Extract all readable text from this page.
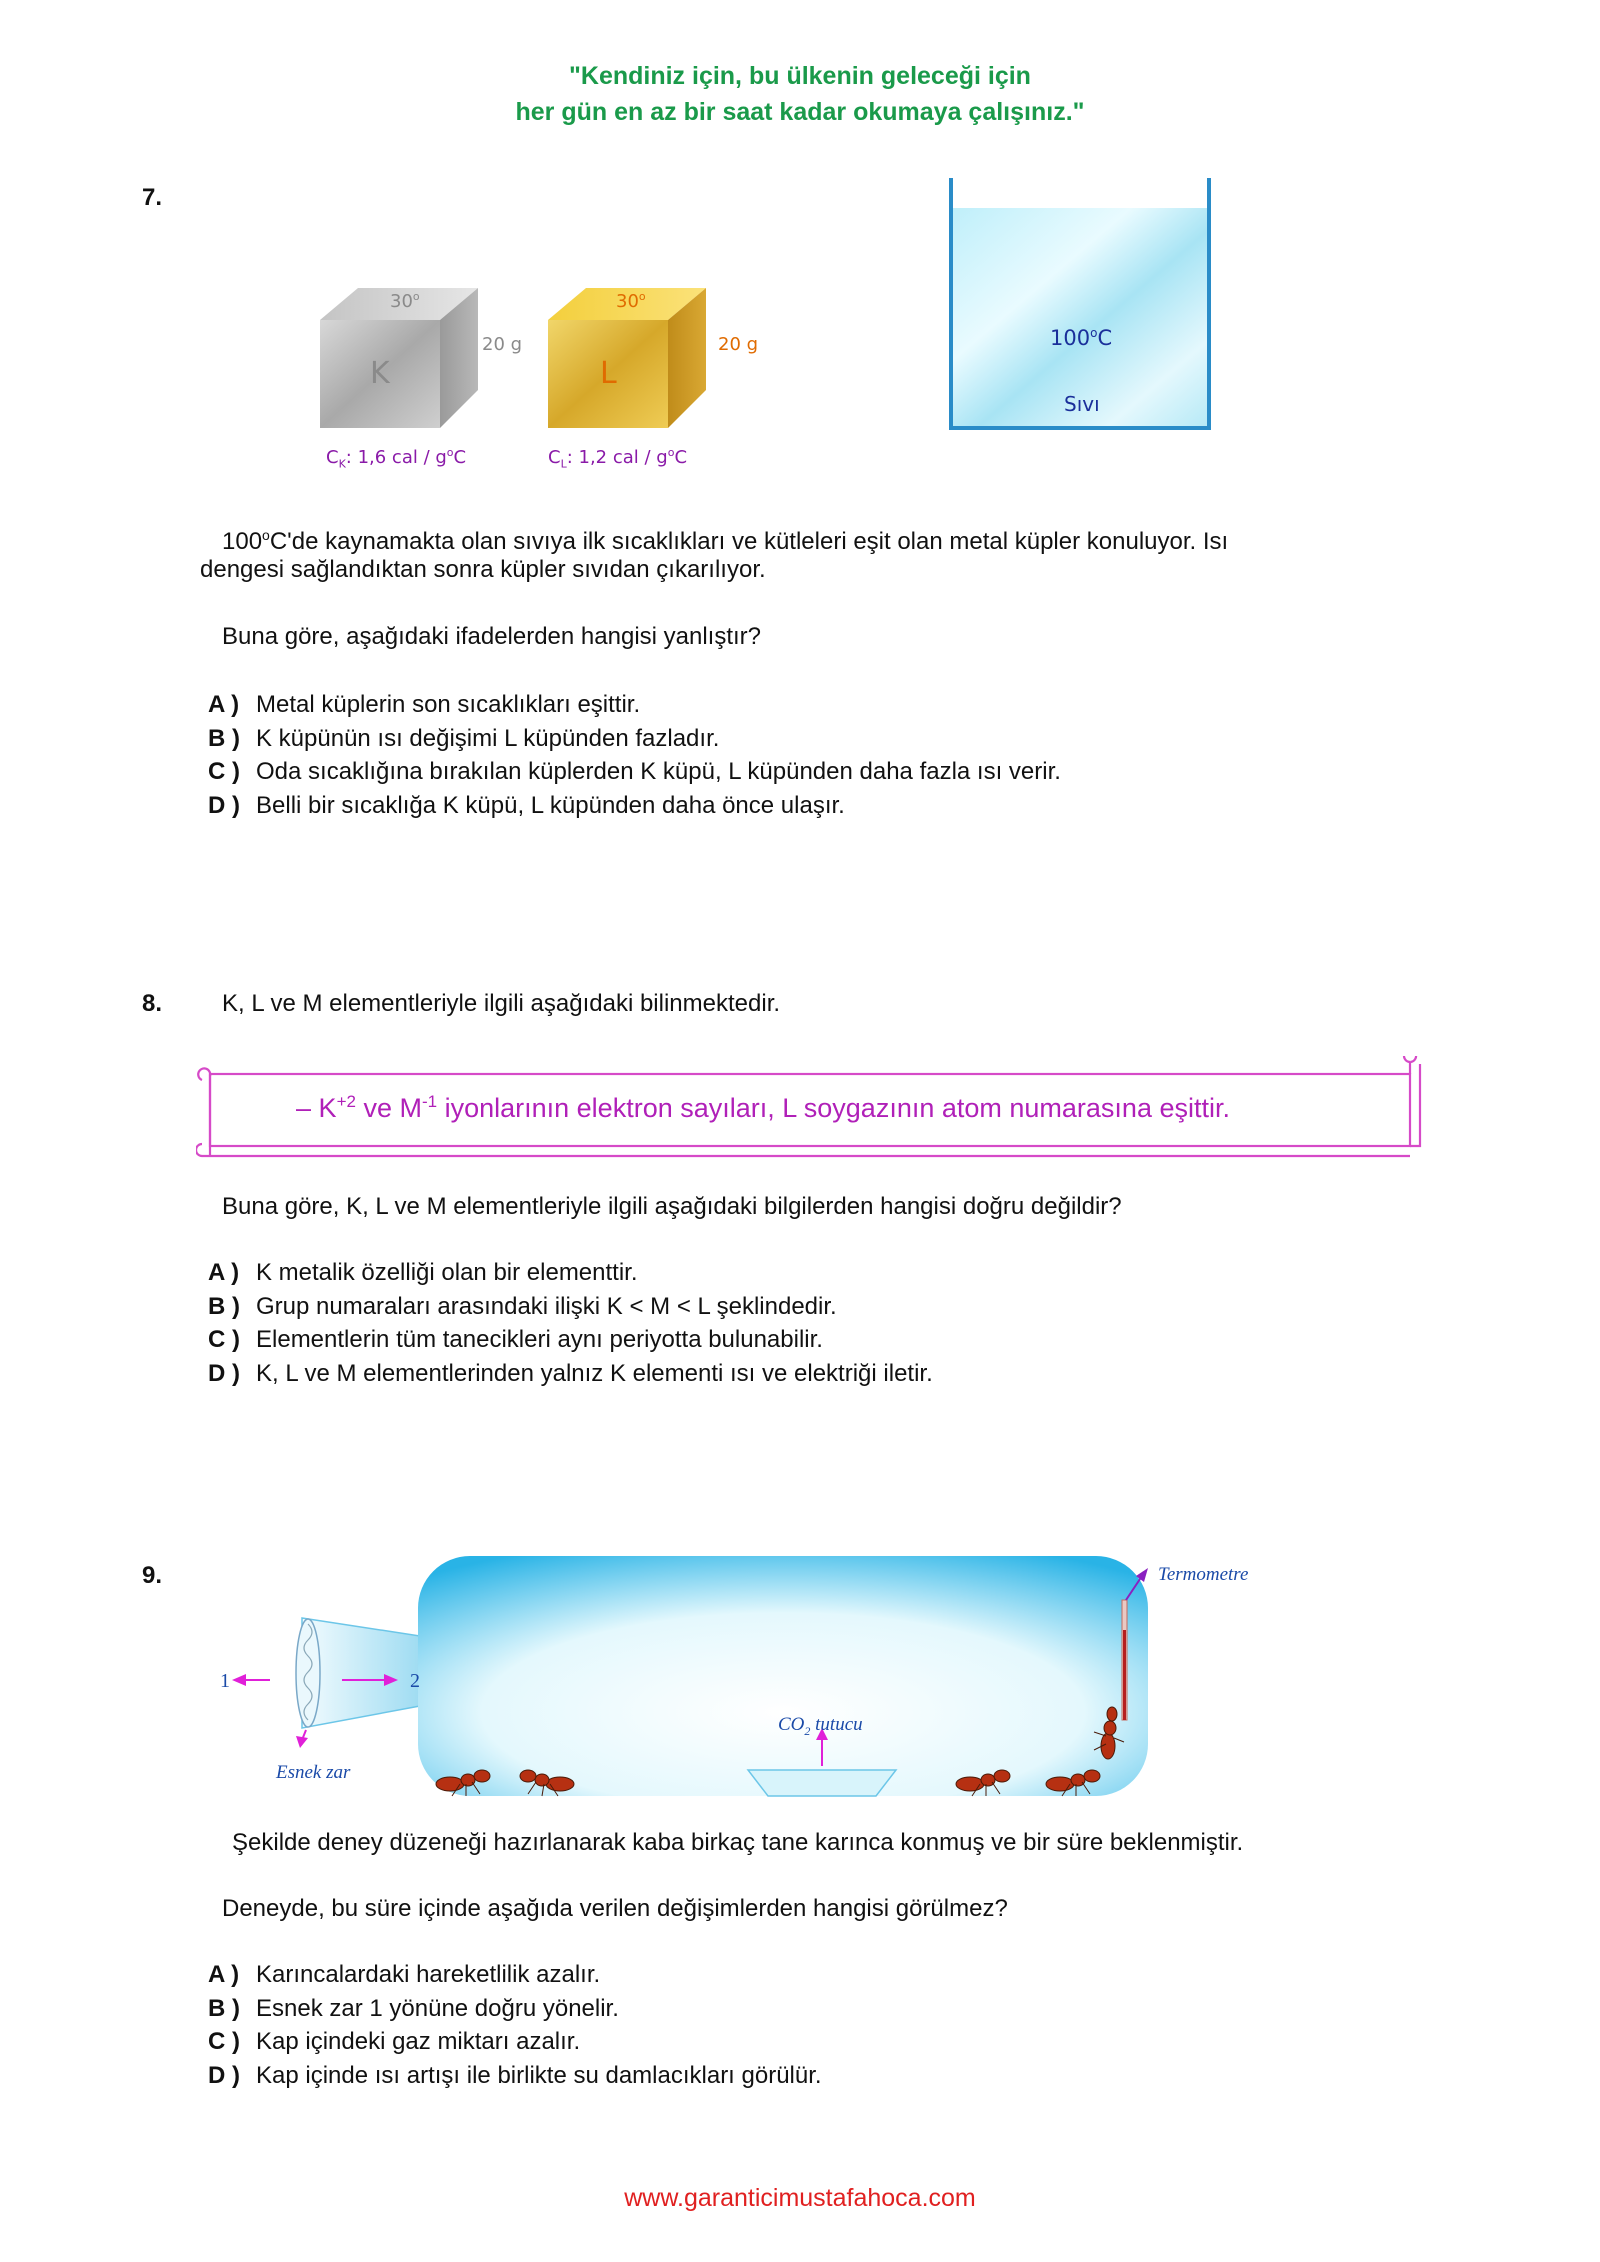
"Kendiniz için, bu ülkenin geleceği için
her gün en az bir saat kadar okumaya çalışınız."
7.
30$^o$
K
20 g
$C_K$: 1,6 cal / $g^oC$
30$^o$
L
20 g
$C_L$: 1,2 cal / $g^oC$
100$^o$C
Sıvı
100$^o$C'de kaynamakta olan sıvıya ilk sıcaklıkları ve kütleleri eşit olan metal küpler konuluyor. Isı
dengesi sağlandıktan sonra küpler sıvıdan çıkarılıyor.
Buna göre, aşağıdaki ifadelerden hangisi yanlıştır?
A ) Metal küplerin son sıcaklıkları eşittir.
B ) K küpünün ısı değişimi L küpünden fazladır.
C ) Oda sıcaklığına bırakılan küplerden K küpü, L küpünden daha fazla ısı verir.
D ) Belli bir sıcaklığa K küpü, L küpünden daha önce ulaşır.
8. K, L ve M elementleriyle ilgili aşağıdaki bilinmektedir.
– $K^{+2}$ ve $M^{-1}$ iyonlarının elektron sayıları, L soygazının atom numarasına eşittir.
Buna göre, K, L ve M elementleriyle ilgili aşağıdaki bilgilerden hangisi doğru değildir?
A ) K metalik özelliği olan bir elementtir.
B ) Grup numaraları arasındaki ilişki K < M < L şeklindedir.
C ) Elementlerin tüm tanecikleri aynı periyotta bulunabilir.
D ) K, L ve M elementlerinden yalnız K elementi ısı ve elektriği iletir.
9.	Termometre
$CO_2$ tutucu
Esnek zar
1	2
Şekilde deney düzeneği hazırlanarak kaba birkaç tane karınca konmuş ve bir süre beklenmiştir.
Deneyde, bu süre içinde aşağıda verilen değişimlerden hangisi görülmez?
A ) Karıncalardaki hareketlilik azalır.
B ) Esnek zar 1 yönüne doğru yönelir.
C ) Kap içindeki gaz miktarı azalır.
D ) Kap içinde ısı artışı ile birlikte su damlacıkları görülür.
www.garanticimustafahoca.com
